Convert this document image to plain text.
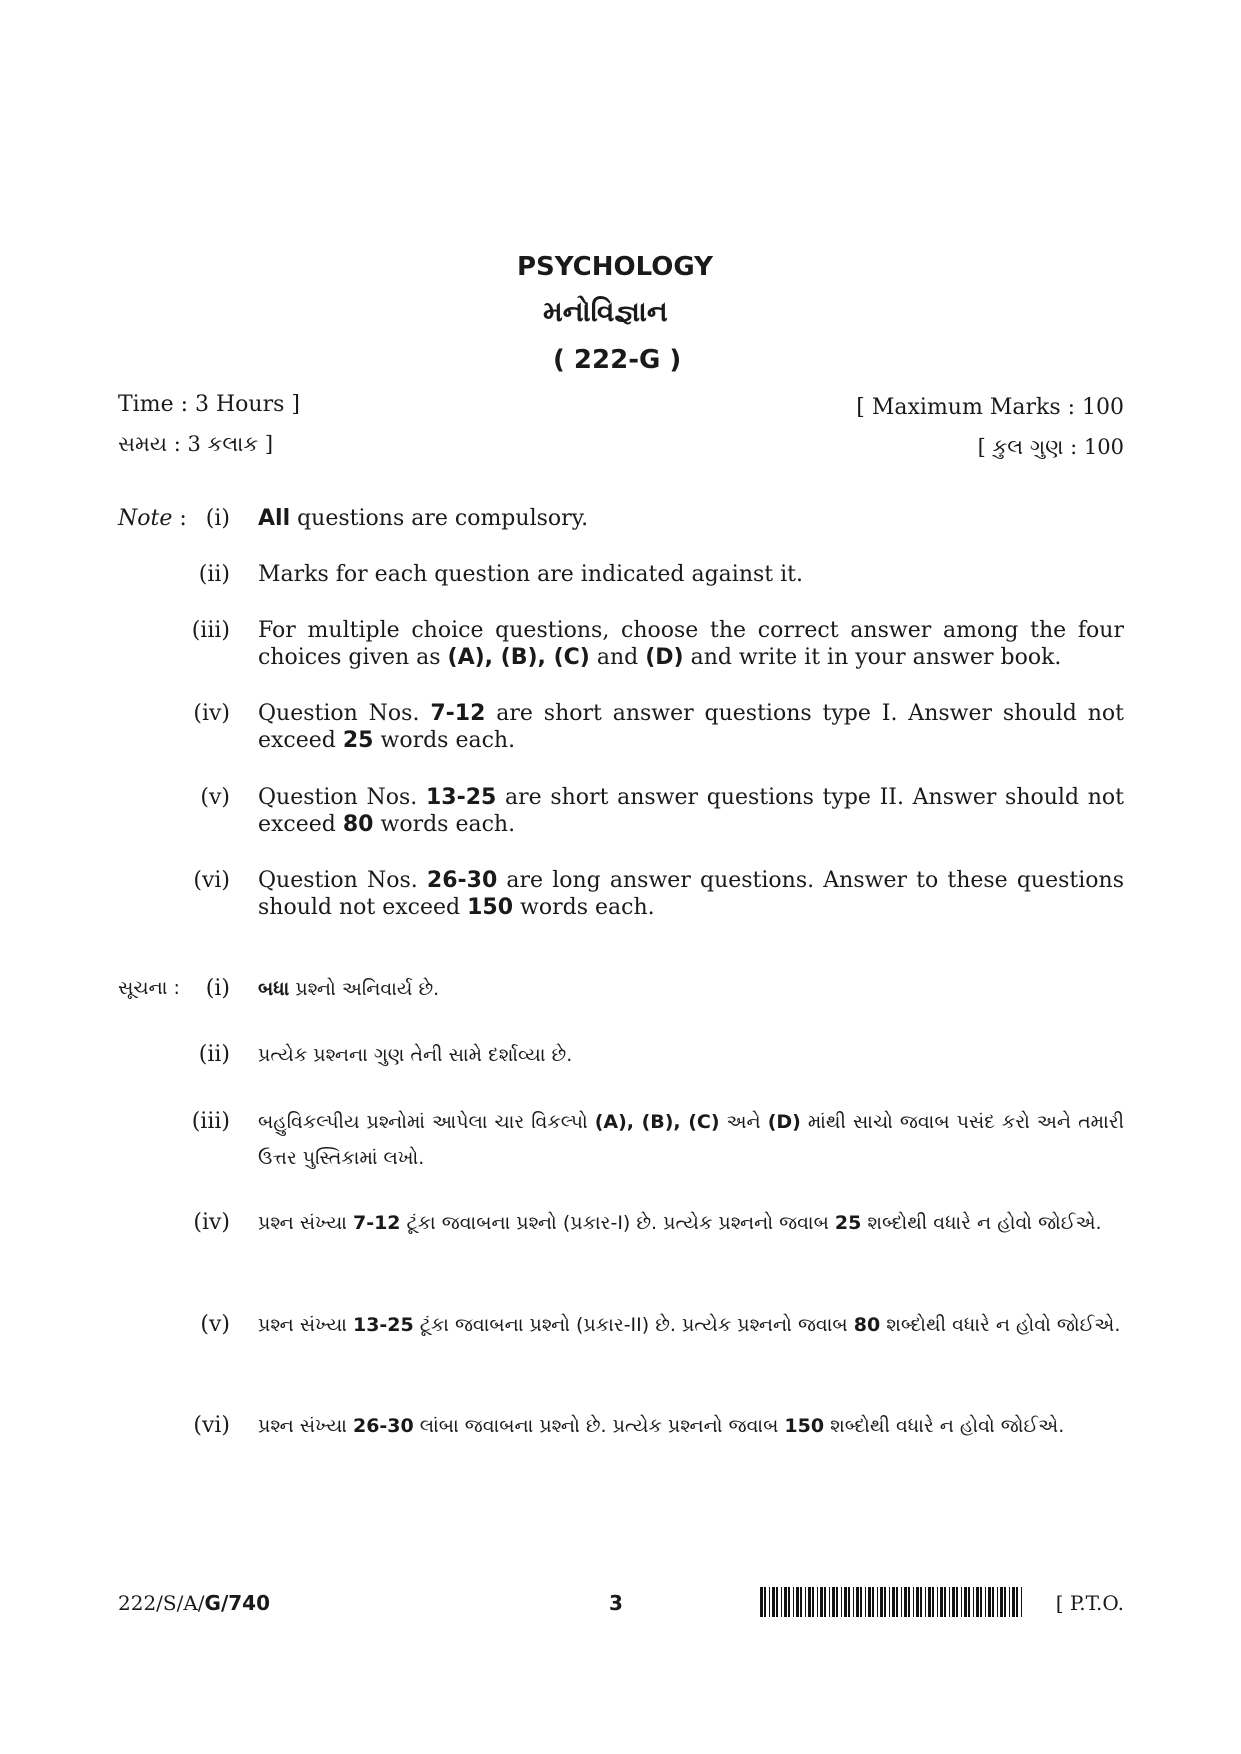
PSYCHOLOGY
મનોવિજ્ઞાન
( 222-G )
Time : 3 Hours ]
સમય : 3 કલાક ]
[ Maximum Marks : 100
[ કુલ ગુણ : 100
Note : (i) All questions are compulsory.
(ii) Marks for each question are indicated against it.
(iii) For multiple choice questions, choose the correct answer among the four choices given as (A), (B), (C) and (D) and write it in your answer book.
(iv) Question Nos. 7-12 are short answer questions type I. Answer should not exceed 25 words each.
(v) Question Nos. 13-25 are short answer questions type II. Answer should not exceed 80 words each.
(vi) Question Nos. 26-30 are long answer questions. Answer to these questions should not exceed 150 words each.
સૂચના :	(i) બધા પ્રશ્નો અનિવાર્ય છે.
(ii) પ્રત્યેક પ્રશ્નના ગુણ તેની સામે દર્શાવ્યા છે.
(iii) બહુવિકલ્પીય પ્રશ્નોમાં આપેલા ચાર વિકલ્પો (A), (B), (C) અને (D) માંથી સાચો જવાબ પસંદ કરો અને તમારી ઉત્તર પુસ્તિકામાં લખો.
(iv) પ્રશ્ન સંખ્યા 7-12 ટૂંકા જવાબના પ્રશ્નો (પ્રકાર-I) છે. પ્રત્યેક પ્રશ્નનો જવાબ 25 શબ્દોથી વધારે ન હોવો જોઈએ.
(v) પ્રશ્ન સંખ્યા 13-25 ટૂંકા જવાબના પ્રશ્નો (પ્રકાર-II) છે. પ્રત્યેક પ્રશ્નનો જવાબ 80 શબ્દોથી વધારે ન હોવો જોઈએ.
(vi) પ્રશ્ન સંખ્યા 26-30 લાંબા જવાબના પ્રશ્નો છે. પ્રત્યેક પ્રશ્નનો જવાબ 150 શબ્દોથી વધારે ન હોવો જોઈએ.
222/S/A/G/740	3	[ P.T.O.
